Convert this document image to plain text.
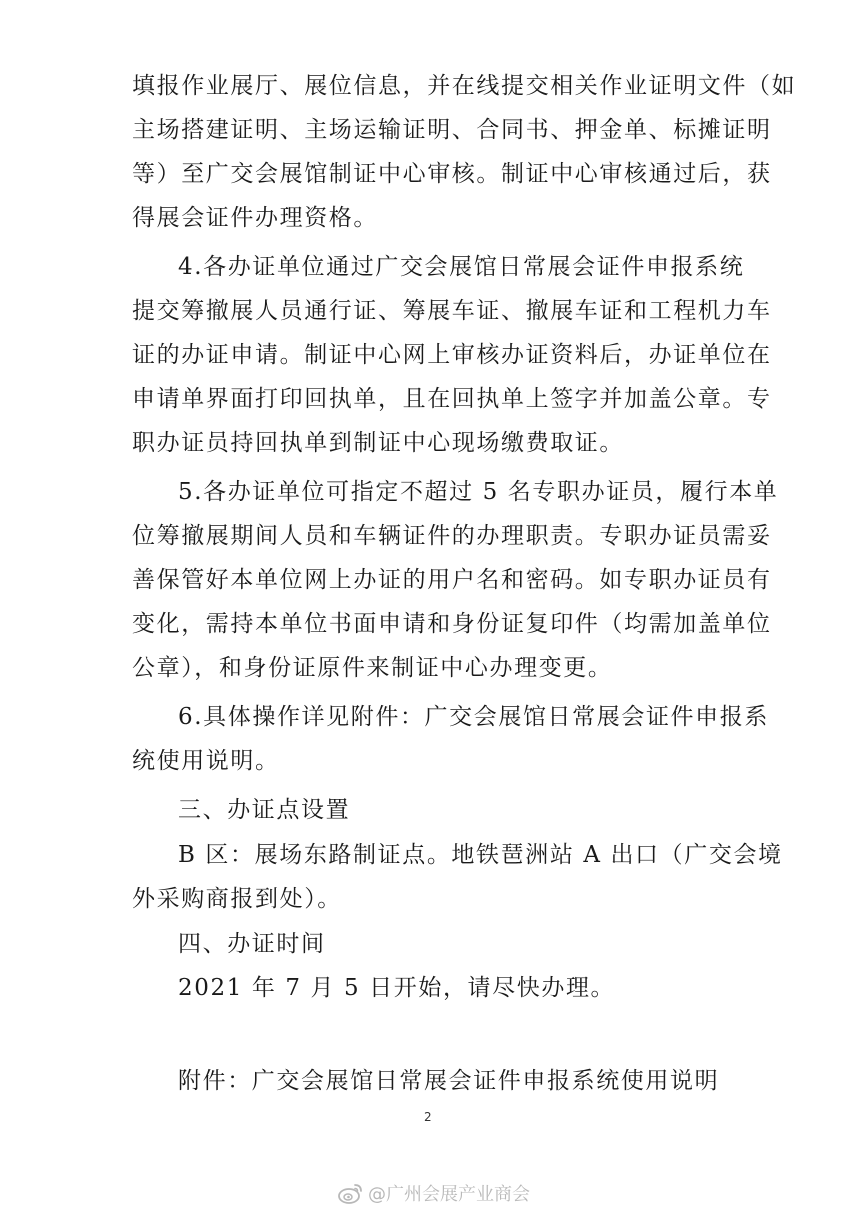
填报作业展厅、展位信息，并在线提交相关作业证明文件（如
主场搭建证明、主场运输证明、合同书、押金单、标摊证明
等）至广交会展馆制证中心审核。制证中心审核通过后，获
得展会证件办理资格。
4.各办证单位通过广交会展馆日常展会证件申报系统
提交筹撤展人员通行证、筹展车证、撤展车证和工程机力车
证的办证申请。制证中心网上审核办证资料后，办证单位在
申请单界面打印回执单，且在回执单上签字并加盖公章。专
职办证员持回执单到制证中心现场缴费取证。
5.各办证单位可指定不超过 5 名专职办证员，履行本单
位筹撤展期间人员和车辆证件的办理职责。专职办证员需妥
善保管好本单位网上办证的用户名和密码。如专职办证员有
变化，需持本单位书面申请和身份证复印件（均需加盖单位
公章），和身份证原件来制证中心办理变更。
6.具体操作详见附件：广交会展馆日常展会证件申报系
统使用说明。
三、办证点设置
B 区：展场东路制证点。地铁琶洲站 A 出口（广交会境
外采购商报到处）。
四、办证时间
2021 年 7 月 5 日开始，请尽快办理。
附件：广交会展馆日常展会证件申报系统使用说明
2
@广州会展产业商会
